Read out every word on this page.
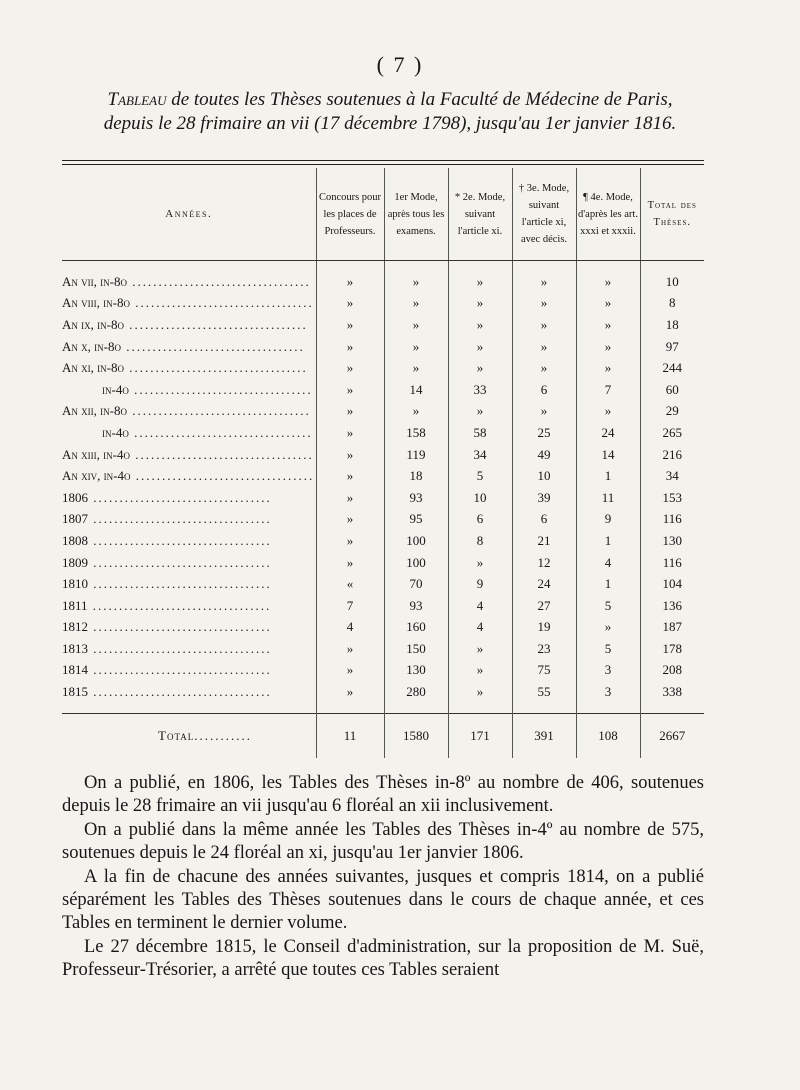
( 7 )
Tableau de toutes les Thèses soutenues à la Faculté de Médecine de Paris,
depuis le 28 frimaire an vii (17 décembre 1798), jusqu'au 1er janvier 1816.
Années.	Concours pour les places de Professeurs.	1er Mode, après tous les examens.	* 2e. Mode, suivant l'article xi.	† 3e. Mode, suivant l'article xi, avec décis.	¶ 4e. Mode, d'après les art. xxxi et xxxii.	Total des Thèses.

An vii, in-8o ..................................	»	»	»	»	»	10
An viii, in-8o ..................................	»	»	»	»	»	8
An ix, in-8o ..................................	»	»	»	»	»	18
An x, in-8o ..................................	»	»	»	»	»	97
An xi, in-8o ..................................	»	»	»	»	»	244
in-4o ..................................	»	14	33	6	7	60
An xii, in-8o ..................................	»	»	»	»	»	29
in-4o ..................................	»	158	58	25	24	265
An xiii, in-4o ..................................	»	119	34	49	14	216
An xiv, in-4o ..................................	»	18	5	10	1	34
1806 ..................................	»	93	10	39	11	153
1807 ..................................	»	95	6	6	9	116
1808 ..................................	»	100	8	21	1	130
1809 ..................................	»	100	»	12	4	116
1810 ..................................	«	70	9	24	1	104
1811 ..................................	7	93	4	27	5	136
1812 ..................................	4	160	4	19	»	187
1813 ..................................	»	150	»	23	5	178
1814 ..................................	»	130	»	75	3	208
1815 ..................................	»	280	»	55	3	338

Total...........	11	1580	171	391	108	2667

On a publié, en 1806, les Tables des Thèses in-8º au nombre de 406, soutenues depuis le 28 frimaire an vii jusqu'au 6 floréal an xii inclusivement.

On a publié dans la même année les Tables des Thèses in-4º au nombre de 575, soutenues depuis le 24 floréal an xi, jusqu'au 1er janvier 1806.

A la fin de chacune des années suivantes, jusques et compris 1814, on a publié séparément les Tables des Thèses soutenues dans le cours de chaque année, et ces Tables en terminent le dernier volume.

Le 27 décembre 1815, le Conseil d'administration, sur la proposition de M. Suë, Professeur-Trésorier, a arrêté que toutes ces Tables seraient
